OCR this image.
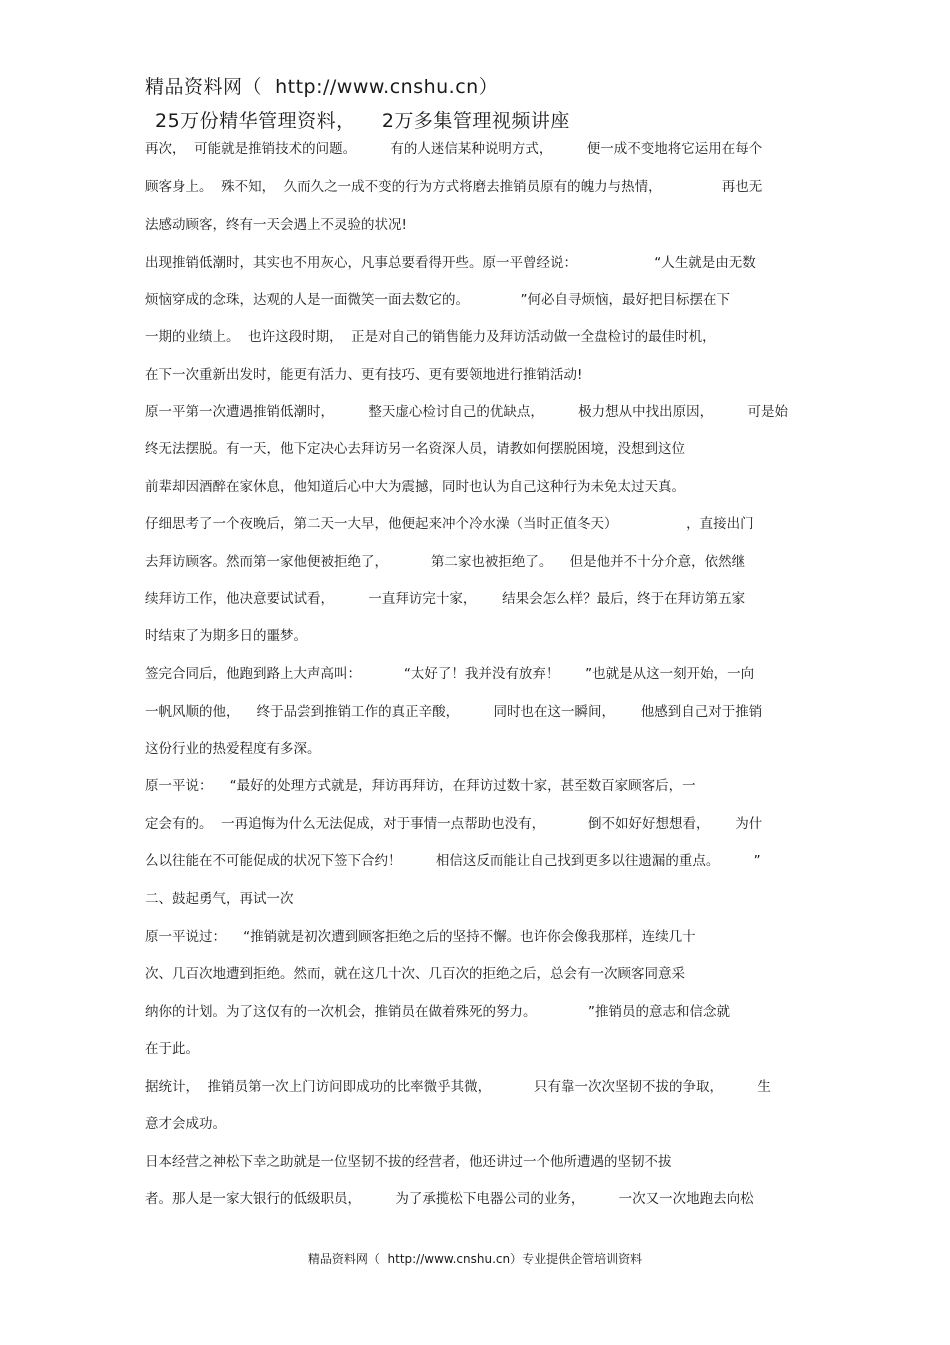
精品资料网（  http://www.cnshu.cn）
25万份精华管理资料，    2万多集管理视频讲座
再次，  可能就是推销技术的问题。        有的人迷信某种说明方式，        便一成不变地将它运用在每个
顾客身上。  殊不知，  久而久之一成不变的行为方式将磨去推销员原有的魄力与热情，              再也无
法感动顾客，终有一天会遇上不灵验的状况!
出现推销低潮时，其实也不用灰心，凡事总要看得开些。原一平曾经说：                  “人生就是由无数
烦恼穿成的念珠，达观的人是一面微笑一面去数它的。            ”何必自寻烦恼，最好把目标摆在下
一期的业绩上。  也许这段时期，  正是对自己的销售能力及拜访活动做一全盘检讨的最佳时机，
在下一次重新出发时，能更有活力、更有技巧、更有要领地进行推销活动!
原一平第一次遭遇推销低潮时，        整天虚心检讨自己的优缺点，        极力想从中找出原因，        可是始
终无法摆脱。有一天，他下定决心去拜访另一名资深人员，请教如何摆脱困境，没想到这位
前辈却因酒醉在家休息，他知道后心中大为震撼，同时也认为自己这种行为未免太过天真。
仔细思考了一个夜晚后，第二天一大早，他便起来冲个冷水澡（当时正值冬天）                ，直接出门
去拜访顾客。然而第一家他便被拒绝了，          第二家也被拒绝了。    但是他并不十分介意，依然继
续拜访工作，他决意要试试看，        一直拜访完十家，      结果会怎么样？最后，终于在拜访第五家
时结束了为期多日的噩梦。
签完合同后，他跑到路上大声高叫：          “太好了！我并没有放弃！      ”也就是从这一刻开始，一向
一帆风顺的他，    终于品尝到推销工作的真正辛酸，        同时也在这一瞬间，      他感到自己对于推销
这份行业的热爱程度有多深。
原一平说：    “最好的处理方式就是，拜访再拜访，在拜访过数十家，甚至数百家顾客后，一
定会有的。  一再追悔为什么无法促成，对于事情一点帮助也没有，          倒不如好好想想看，      为什
么以往能在不可能促成的状况下签下合约！        相信这反而能让自己找到更多以往遗漏的重点。        ”
二、鼓起勇气，再试一次
原一平说过：    “推销就是初次遭到顾客拒绝之后的坚持不懈。也许你会像我那样，连续几十
次、几百次地遭到拒绝。然而，就在这几十次、几百次的拒绝之后，总会有一次顾客同意采
纳你的计划。为了这仅有的一次机会，推销员在做着殊死的努力。            ”推销员的意志和信念就
在于此。
据统计，  推销员第一次上门访问即成功的比率微乎其微，          只有靠一次次坚韧不拔的争取，        生
意才会成功。
日本经营之神松下幸之助就是一位坚韧不拔的经营者，他还讲过一个他所遭遇的坚韧不拔
者。那人是一家大银行的低级职员，        为了承揽松下电器公司的业务，        一次又一次地跑去向松
精品资料网（  http://www.cnshu.cn）专业提供企管培训资料
